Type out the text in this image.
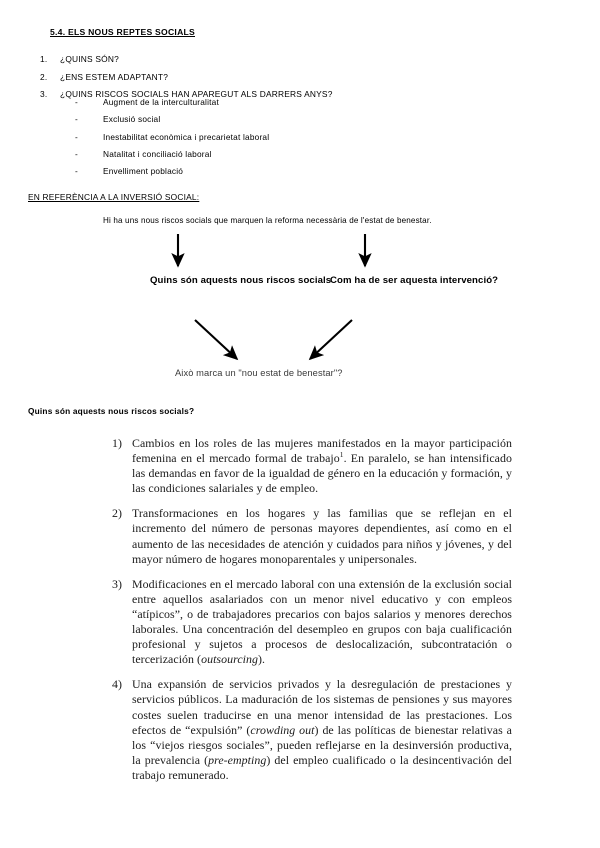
5.4. ELS NOUS REPTES SOCIALS
1.	¿QUINS SÓN?
2.	¿ENS ESTEM ADAPTANT?
3.	¿QUINS RISCOS SOCIALS HAN APAREGUT ALS DARRERS ANYS?
-	Augment de la interculturalitat
-	Exclusió social
-	Inestabilitat econòmica i precarietat laboral
-	Natalitat i conciliació laboral
-	Envelliment població
EN REFERÈNCIA A LA INVERSIÓ SOCIAL:
Hi ha uns nous riscos socials que marquen la reforma necessària de l'estat de benestar.
Quins són aquests nous riscos socials
Com ha de ser aquesta intervenció?
Això marca un "nou estat de benestar"?
Quins són aquests nous riscos socials?
1) Cambios en los roles de las mujeres manifestados en la mayor participación femenina en el mercado formal de trabajo$^1$. En paralelo, se han intensificado las demandas en favor de la igualdad de género en la educación y formación, y las condiciones salariales y de empleo.
2) Transformaciones en los hogares y las familias que se reflejan en el incremento del número de personas mayores dependientes, así como en el aumento de las necesidades de atención y cuidados para niños y jóvenes, y del mayor número de hogares monoparentales y unipersonales.
3) Modificaciones en el mercado laboral con una extensión de la exclusión social entre aquellos asalariados con un menor nivel educativo y con empleos “atípicos”, o de trabajadores precarios con bajos salarios y menores derechos laborales. Una concentración del desempleo en grupos con baja cualificación profesional y sujetos a procesos de deslocalización, subcontratación o tercerización (outsourcing).
4) Una expansión de servicios privados y la desregulación de prestaciones y servicios públicos. La maduración de los sistemas de pensiones y sus mayores costes suelen traducirse en una menor intensidad de las prestaciones. Los efectos de “expulsión” (crowding out) de las políticas de bienestar relativas a los “viejos riesgos sociales”, pueden reflejarse en la desinversión productiva, la prevalencia (pre-empting) del empleo cualificado o la desincentivación del trabajo remunerado.
